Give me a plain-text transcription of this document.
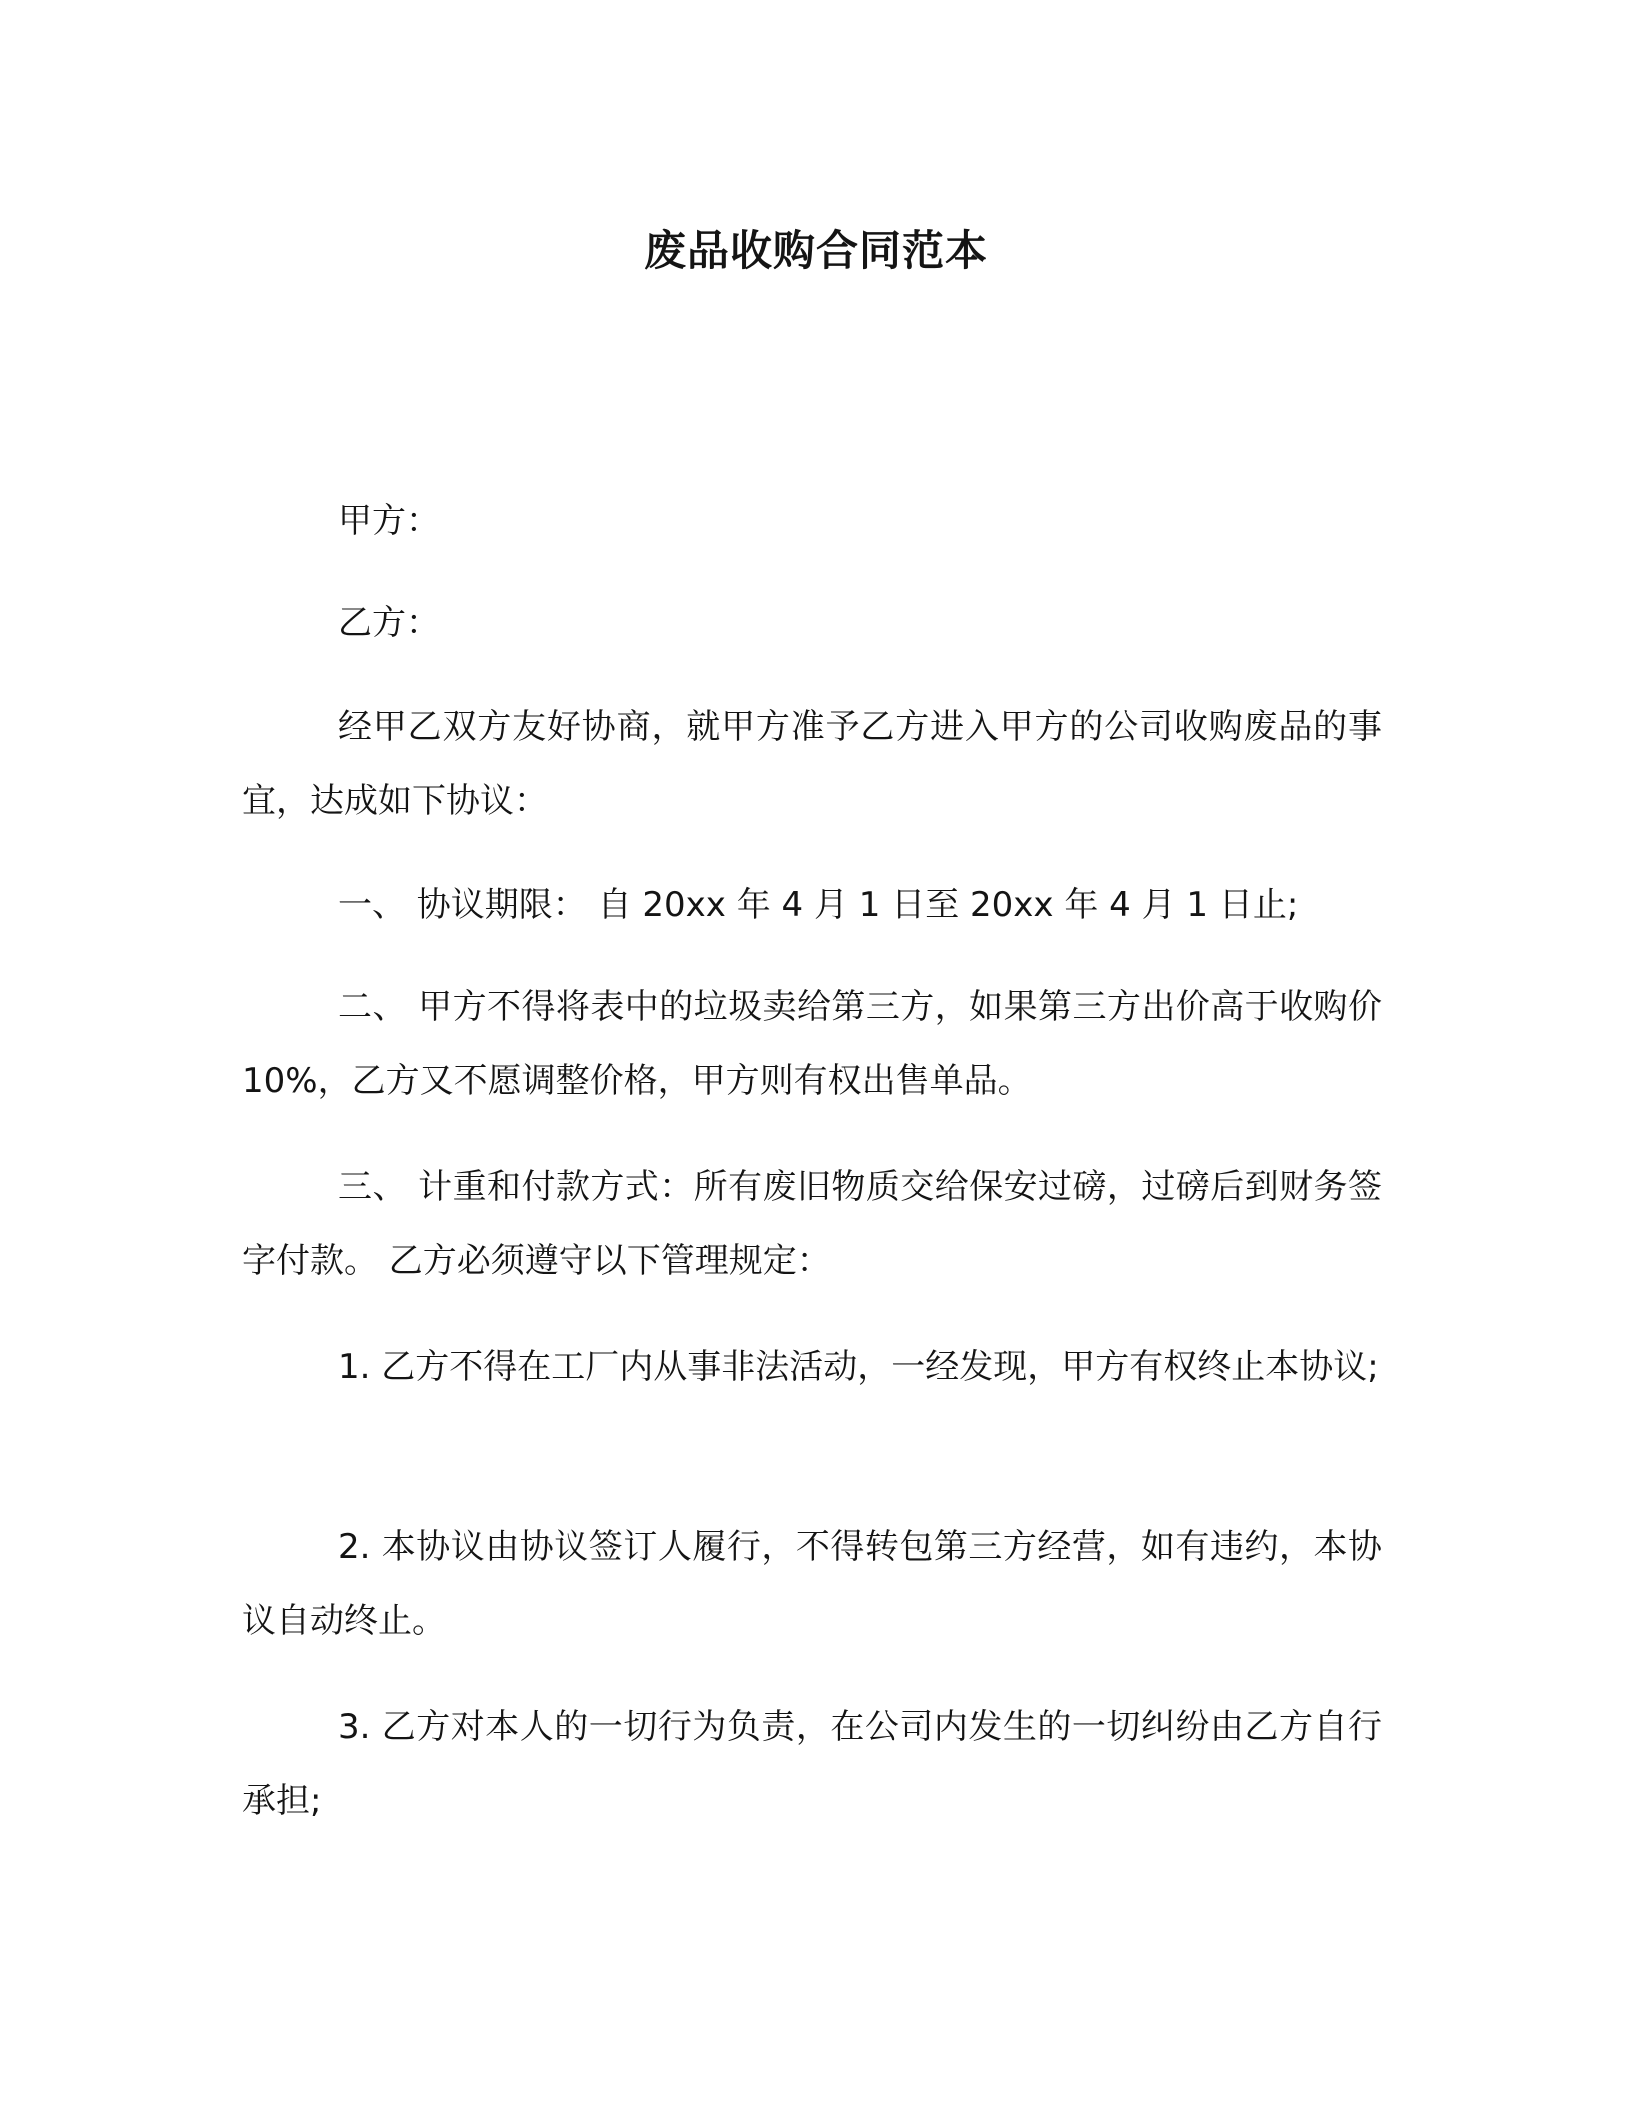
废品收购合同范本

甲方：

乙方：

经甲乙双方友好协商，就甲方准予乙方进入甲方的公司收购废品的事宜，达成如下协议：

一、 协议期限： 自 20xx 年 4 月 1 日至 20xx 年 4 月 1 日止;

二、 甲方不得将表中的垃圾卖给第三方，如果第三方出价高于收购价 10%，乙方又不愿调整价格，甲方则有权出售单品。

三、 计重和付款方式：所有废旧物质交给保安过磅，过磅后到财务签字付款。 乙方必须遵守以下管理规定：

1. 乙方不得在工厂内从事非法活动，一经发现，甲方有权终止本协议;

2. 本协议由协议签订人履行，不得转包第三方经营，如有违约，本协议自动终止。

3. 乙方对本人的一切行为负责，在公司内发生的一切纠纷由乙方自行承担;
